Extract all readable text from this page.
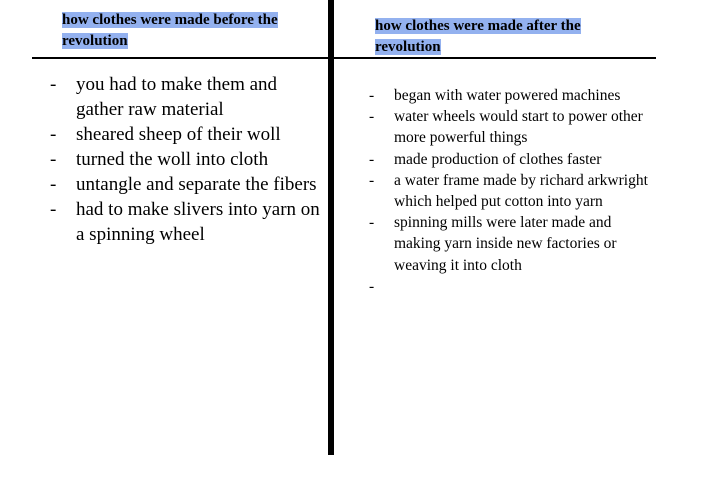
how clothes were made before the revolution
how clothes were made after the revolution
- you had to make them and gather raw material
- sheared sheep of their woll
- turned the woll into cloth
- untangle and separate the fibers
- had to make slivers into yarn on a spinning wheel
- began with water powered machines
- water wheels would start to power other more powerful things
- made production of clothes faster
- a water frame made by richard arkwright which helped put cotton into yarn
- spinning mills were later made and making yarn inside new factories or weaving it into cloth
-
